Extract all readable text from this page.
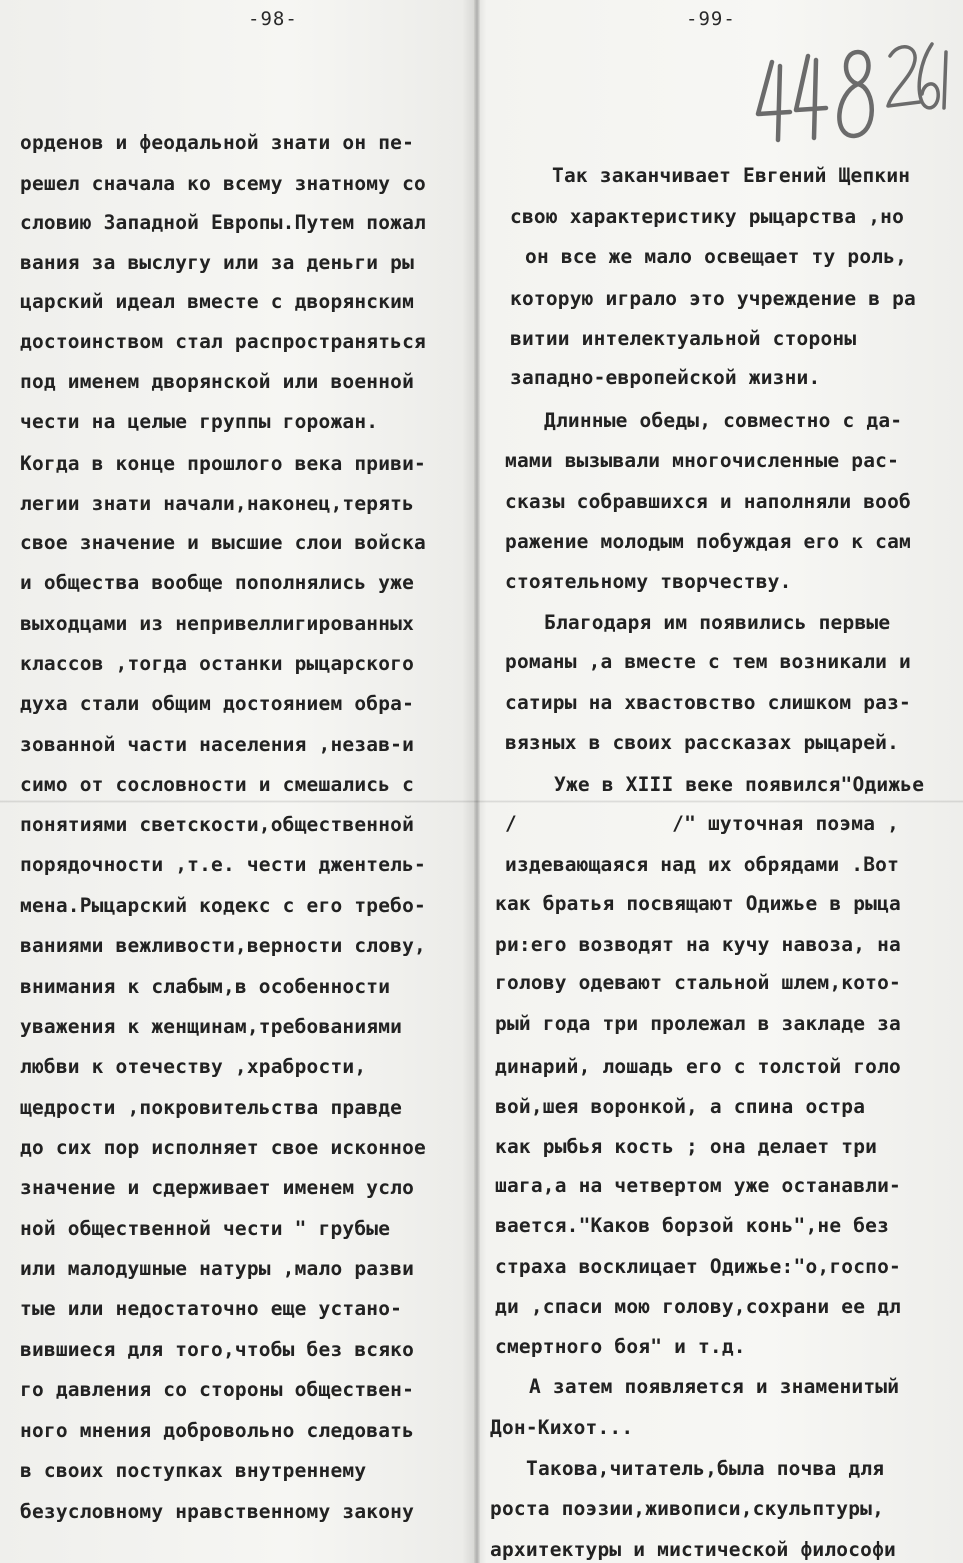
-98-
орденов и феодальной знати он пе-
решел сначала ко всему знатному со
словию Западной Европы.Путем пожал
вания за выслугу или за деньги ры
царский идеал вместе с дворянским
достоинством стал распространяться
под именем дворянской или военной
чести на целые группы горожан.
Когда в конце прошлого века приви-
легии знати начали,наконец,терять
свое значение и высшие слои войска
и общества вообще пополнялись уже
выходцами из непривеллигированных
классов ,тогда останки рыцарского
духа стали общим достоянием обра-
зованной части населения ,незав-и
симо от сословности и смешались с
понятиями светскости,общественной
порядочности ,т.е. чести джентель-
мена.Рыцарский кодекс с его требо-
ваниями вежливости,верности слову,
внимания к слабым,в особенности
уважения к женщинам,требованиями
любви к отечеству ,храбрости,
щедрости ,покровительства правде
до сих пор исполняет свое исконное
значение и сдерживает именем усло
ной общественной чести " грубые
или малодушные натуры ,мало разви
тые или недостаточно еще устано-
вившиеся для того,чтобы без всяко
го давления со стороны обществен-
ного мнения добровольно следовать
в своих поступках внутреннему
безусловному нравственному закону
-99-
Так заканчивает Евгений Щепкин
свою характеристику рыцарства ,но
он все же мало освещает ту роль,
которую играло это учреждение в ра
витии интелектуальной стороны
западно-европейской жизни.
Длинные обеды, совместно с да-
мами вызывали многочисленные рас-
сказы собравшихся и наполняли вооб
ражение молодым побуждая его к сам
стоятельному творчеству.
Благодаря им появились первые
романы ,а вместе с тем возникали и
сатиры на хвастовство слишком раз-
вязных в своих рассказах рыцарей.
Уже в XIII веке появился"Одижье
/             /" шуточная поэма ,
издевающаяся над их обрядами .Вот
как братья посвящают Одижье в рыца
ри:его возводят на кучу навоза, на
голову одевают стальной шлем,кото-
рый года три пролежал в закладе за
динарий, лошадь его с толстой голо
вой,шея воронкой, а спина остра
как рыбья кость ; она делает три
шага,а на четвертом уже останавли-
вается."Каков борзой конь",не без
страха восклицает Одижье:"о,госпо-
ди ,спаси мою голову,сохрани ее дл
смертного боя" и т.д.
А затем появляется и знаменитый
Дон-Кихот...
Такова,читатель,была почва для
роста поэзии,живописи,скульптуры,
архитектуры и мистической философи
